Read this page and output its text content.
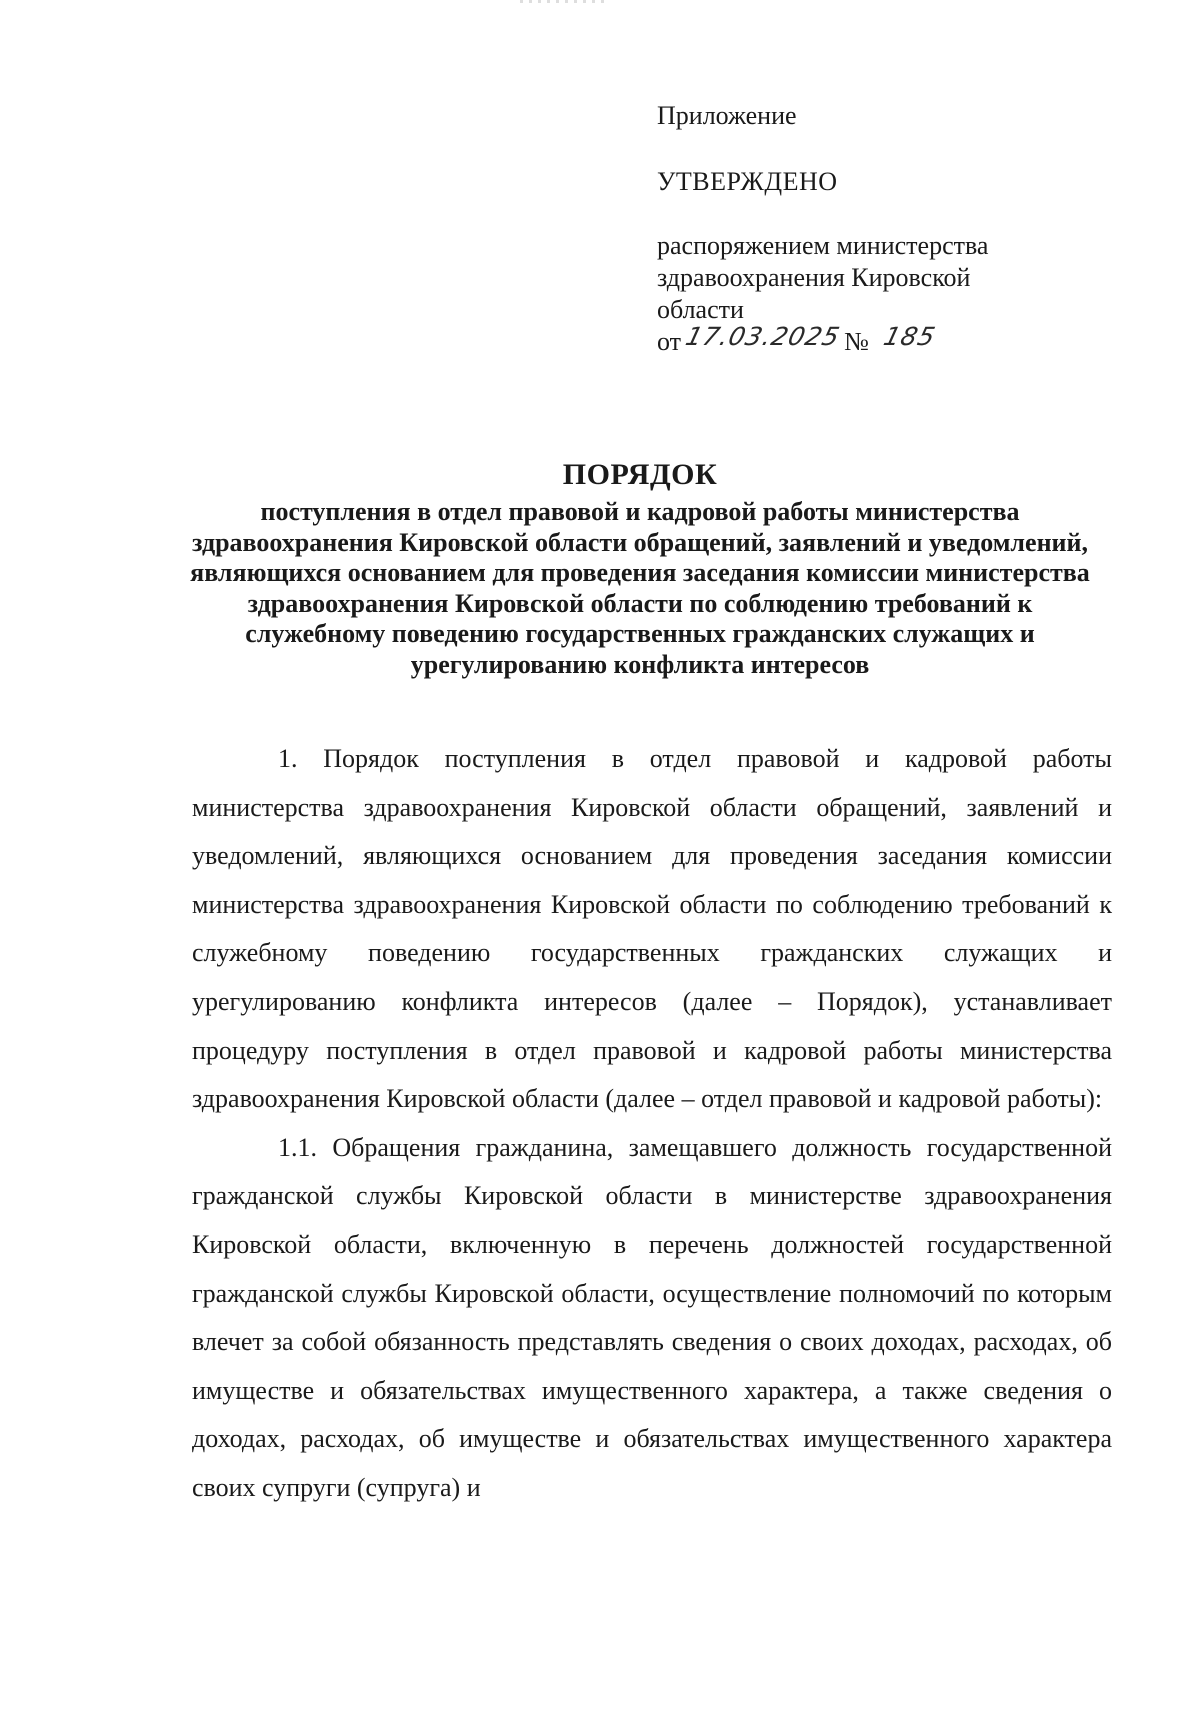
Приложение

УТВЕРЖДЕНО

распоряжением министерства
здравоохранения Кировской
области
от17.03.2025№ 185

ПОРЯДОК

поступления в отдел правовой и кадровой работы министерства здравоохранения Кировской области обращений, заявлений и уведомлений, являющихся основанием для проведения заседания комиссии министерства здравоохранения Кировской области по соблюдению требований к служебному поведению государственных гражданских служащих и урегулированию конфликта интересов

1. Порядок поступления в отдел правовой и кадровой работы министерства здравоохранения Кировской области обращений, заявлений и уведомлений, являющихся основанием для проведения заседания комиссии министерства здравоохранения Кировской области по соблюдению требований к служебному поведению государственных гражданских служащих и урегулированию конфликта интересов (далее – Порядок), устанавливает процедуру поступления в отдел правовой и кадровой работы министерства здравоохранения Кировской области (далее – отдел правовой и кадровой работы):

1.1. Обращения гражданина, замещавшего должность государственной гражданской службы Кировской области в министерстве здравоохранения Кировской области, включенную в перечень должностей государственной гражданской службы Кировской области, осуществление полномочий по которым влечет за собой обязанность представлять сведения о своих доходах, расходах, об имуществе и обязательствах имущественного характера, а также сведения о доходах, расходах, об имуществе и обязательствах имущественного характера своих супруги (супруга) и
